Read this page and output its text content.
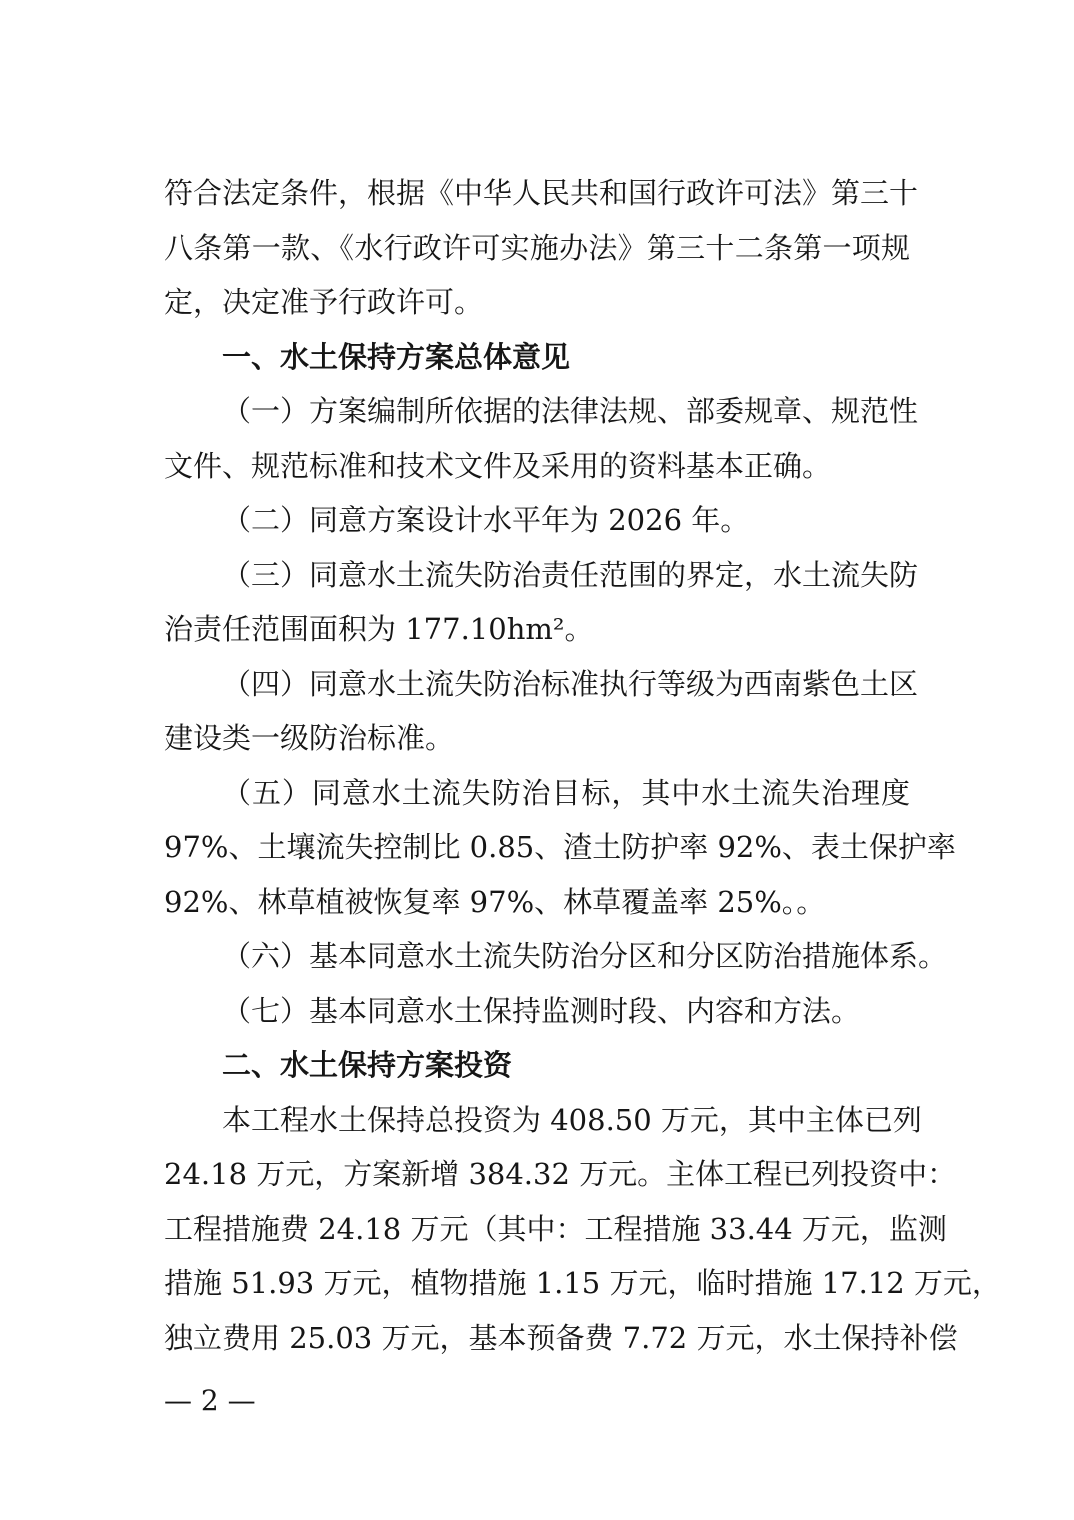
符合法定条件，根据《中华人民共和国行政许可法》第三十
八条第一款、《水行政许可实施办法》第三十二条第一项规
定，决定准予行政许可。
一、水土保持方案总体意见
（一）方案编制所依据的法律法规、部委规章、规范性
文件、规范标准和技术文件及采用的资料基本正确。
（二）同意方案设计水平年为 2026 年。
（三）同意水土流失防治责任范围的界定，水土流失防
治责任范围面积为 177.10hm²。
（四）同意水土流失防治标准执行等级为西南紫色土区
建设类一级防治标准。
（五）同意水土流失防治目标，其中水土流失治理度
97%、土壤流失控制比 0.85、渣土防护率 92%、表土保护率
92%、林草植被恢复率 97%、林草覆盖率 25%。。
（六）基本同意水土流失防治分区和分区防治措施体系。
（七）基本同意水土保持监测时段、内容和方法。
二、水土保持方案投资
本工程水土保持总投资为 408.50 万元，其中主体已列
24.18 万元，方案新增 384.32 万元。主体工程已列投资中：
工程措施费 24.18 万元（其中：工程措施 33.44 万元，监测
措施 51.93 万元，植物措施 1.15 万元，临时措施 17.12 万元，
独立费用 25.03 万元，基本预备费 7.72 万元，水土保持补偿
— 2 —
